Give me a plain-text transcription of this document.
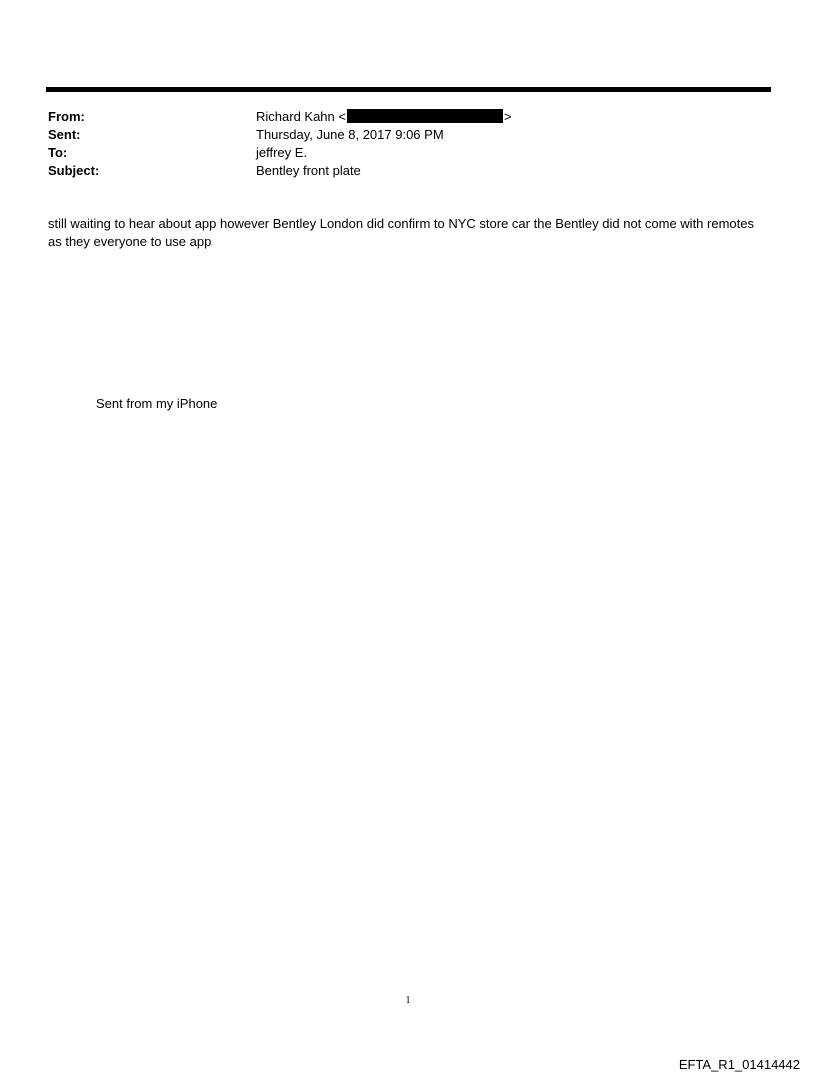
From:	Richard Kahn <	>
Sent:	Thursday, June 8, 2017 9:06 PM
To:	jeffrey E.
Subject:	Bentley front plate
still waiting to hear about app however Bentley London did confirm to NYC store car the Bentley did not come with remotes as they everyone to use app
Sent from my iPhone
1
EFTA_R1_01414442
